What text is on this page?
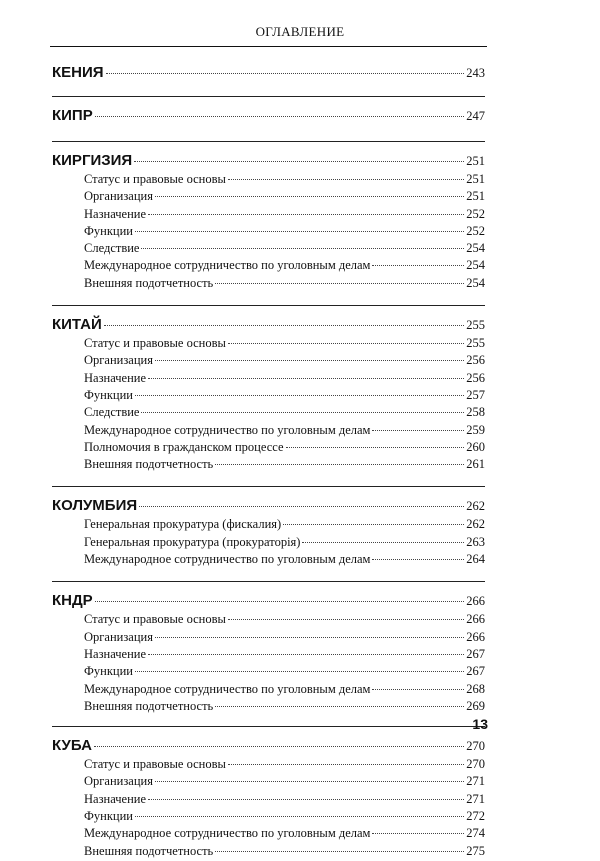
ОГЛАВЛЕНИЕ
КЕНИЯ	243
КИПР	247
КИРГИЗИЯ	251
Статус и правовые основы	251
Организация	251
Назначение	252
Функции	252
Следствие	254
Международное сотрудничество по уголовным делам	254
Внешняя подотчетность	254
КИТАЙ	255
Статус и правовые основы	255
Организация	256
Назначение	256
Функции	257
Следствие	258
Международное сотрудничество по уголовным делам	259
Полномочия в гражданском процессе	260
Внешняя подотчетность	261
КОЛУМБИЯ	262
Генеральная прокуратура (фискалия)	262
Генеральная прокуратура (прокураторія)	263
Международное сотрудничество по уголовным делам	264
КНДР	266
Статус и правовые основы	266
Организация	266
Назначение	267
Функции	267
Международное сотрудничество по уголовным делам	268
Внешняя подотчетность	269
КУБА	270
Статус и правовые основы	270
Организация	271
Назначение	271
Функции	272
Международное сотрудничество по уголовным делам	274
Внешняя подотчетность	275
13
